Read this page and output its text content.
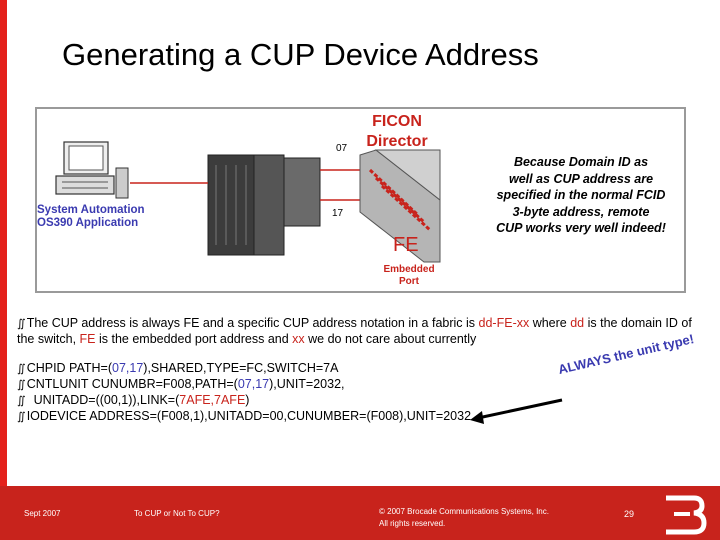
Generating a CUP Device Address
System Automation
OS390 Application
07
17
FICON
Director
FE
Embedded
Port
Because Domain ID as
well as CUP address are
specified in the normal FCID
3-byte address, remote
CUP works very well indeed!
∬The CUP address is always FE and a specific CUP address notation in a fabric is dd-FE-xx where dd is the domain ID of the switch, FE is the embedded port address and xx we do not care about currently
∬CHPID PATH=(07,17),SHARED,TYPE=FC,SWITCH=7A
∬CNTLUNIT CUNUMBR=F008,PATH=(07,17),UNIT=2032,
∬ UNITADD=((00,1)),LINK=(7AFE,7AFE)
∬IODEVICE ADDRESS=(F008,1),UNITADD=00,CUNUMBER=(F008),UNIT=2032
ALWAYS the unit type!
Sept 2007	To CUP or Not To CUP?	© 2007 Brocade Communications Systems, Inc.
All rights reserved.
29
